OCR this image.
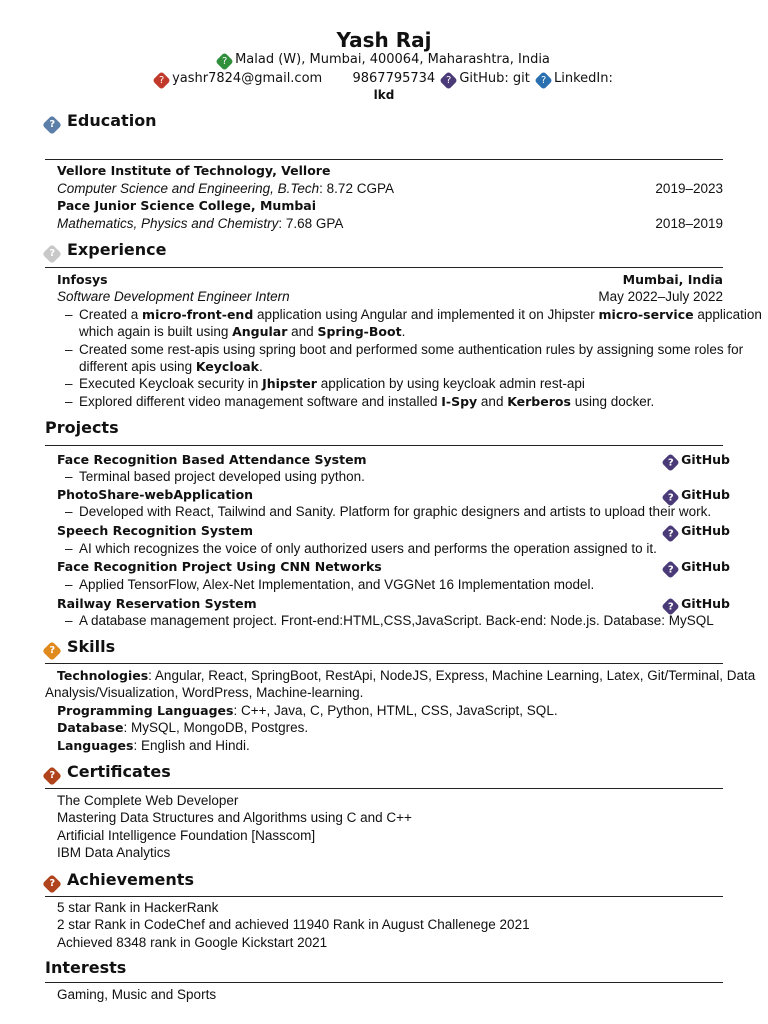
Yash Raj
? Malad (W), Mumbai, 400064, Maharashtra, India
? yashr7824@gmail.com 9867795734 ? GitHub: git ? LinkedIn:
lkd
? Education
Vellore Institute of Technology, Vellore
Computer Science and Engineering, B.Tech: 8.72 CGPA	2019–2023
Pace Junior Science College, Mumbai
Mathematics, Physics and Chemistry: 7.68 GPA	2018–2019
? Experience
Infosys	Mumbai, India
Software Development Engineer Intern	May 2022–July 2022
– Created a micro-front-end application using Angular and implemented it on Jhipster micro-service application
which again is built using Angular and Spring-Boot.
– Created some rest-apis using spring boot and performed some authentication rules by assigning some roles for
different apis using Keycloak.
– Executed Keycloak security in Jhipster application by using keycloak admin rest-api
– Explored different video management software and installed I-Spy and Kerberos using docker.
Projects
Face Recognition Based Attendance System	? GitHub
– Terminal based project developed using python.
PhotoShare-webApplication	? GitHub
– Developed with React, Tailwind and Sanity. Platform for graphic designers and artists to upload their work.
Speech Recognition System	? GitHub
– AI which recognizes the voice of only authorized users and performs the operation assigned to it.
Face Recognition Project Using CNN Networks	? GitHub
– Applied TensorFlow, Alex-Net Implementation, and VGGNet 16 Implementation model.
Railway Reservation System	? GitHub
– A database management project. Front-end:HTML,CSS,JavaScript. Back-end: Node.js. Database: MySQL
? Skills
Technologies: Angular, React, SpringBoot, RestApi, NodeJS, Express, Machine Learning, Latex, Git/Terminal, Data
Analysis/Visualization, WordPress, Machine-learning.
Programming Languages: C++, Java, C, Python, HTML, CSS, JavaScript, SQL.
Database: MySQL, MongoDB, Postgres.
Languages: English and Hindi.
? Certificates
The Complete Web Developer
Mastering Data Structures and Algorithms using C and C++
Artificial Intelligence Foundation [Nasscom]
IBM Data Analytics
? Achievements
5 star Rank in HackerRank
2 star Rank in CodeChef and achieved 11940 Rank in August Challenege 2021
Achieved 8348 rank in Google Kickstart 2021
Interests
Gaming, Music and Sports
